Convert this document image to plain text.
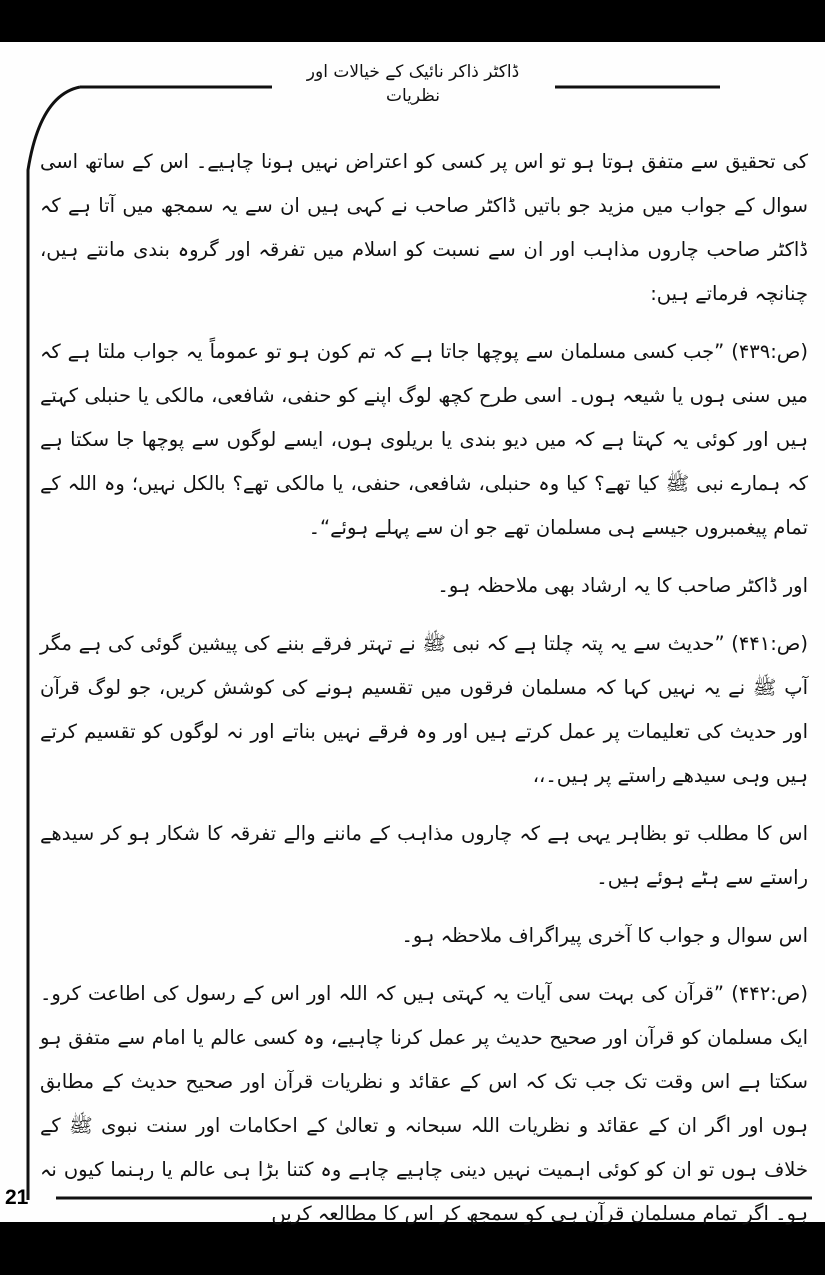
ڈاکٹر ذاکر نائیک کے خیالات اور نظریات

کی تحقیق سے متفق ہوتا ہو تو اس پر کسی کو اعتراض نہیں ہونا چاہیے۔ اس کے ساتھ اسی سوال کے جواب میں مزید جو باتیں ڈاکٹر صاحب نے کہی ہیں ان سے یہ سمجھ میں آتا ہے کہ ڈاکٹر صاحب چاروں مذاہب اور ان سے نسبت کو اسلام میں تفرقہ اور گروہ بندی مانتے ہیں، چنانچہ فرماتے ہیں:

(ص:۴۳۹) ”جب کسی مسلمان سے پوچھا جاتا ہے کہ تم کون ہو تو عموماً یہ جواب ملتا ہے کہ میں سنی ہوں یا شیعہ ہوں۔ اسی طرح کچھ لوگ اپنے کو حنفی، شافعی، مالکی یا حنبلی کہتے ہیں اور کوئی یہ کہتا ہے کہ میں دیو بندی یا بریلوی ہوں، ایسے لوگوں سے پوچھا جا سکتا ہے کہ ہمارے نبی ﷺ کیا تھے؟ کیا وہ حنبلی، شافعی، حنفی، یا مالکی تھے؟ بالکل نہیں؛ وہ اللہ کے تمام پیغمبروں جیسے ہی مسلمان تھے جو ان سے پہلے ہوئے“۔

اور ڈاکٹر صاحب کا یہ ارشاد بھی ملاحظہ ہو۔

(ص:۴۴۱) ”حدیث سے یہ پتہ چلتا ہے کہ نبی ﷺ نے تہتر فرقے بننے کی پیشین گوئی کی ہے مگر آپ ﷺ نے یہ نہیں کہا کہ مسلمان فرقوں میں تقسیم ہونے کی کوشش کریں، جو لوگ قرآن اور حدیث کی تعلیمات پر عمل کرتے ہیں اور وہ فرقے نہیں بناتے اور نہ لوگوں کو تقسیم کرتے ہیں وہی سیدھے راستے پر ہیں۔،،

اس کا مطلب تو بظاہر یہی ہے کہ چاروں مذاہب کے ماننے والے تفرقہ کا شکار ہو کر سیدھے راستے سے ہٹے ہوئے ہیں۔

اس سوال و جواب کا آخری پیراگراف ملاحظہ ہو۔

(ص:۴۴۲) ”قرآن کی بہت سی آیات یہ کہتی ہیں کہ اللہ اور اس کے رسول کی اطاعت کرو۔ ایک مسلمان کو قرآن اور صحیح حدیث پر عمل کرنا چاہیے، وہ کسی عالم یا امام سے متفق ہو سکتا ہے اس وقت تک جب تک کہ اس کے عقائد و نظریات قرآن اور صحیح حدیث کے مطابق ہوں اور اگر ان کے عقائد و نظریات اللہ سبحانہ و تعالیٰ کے احکامات اور سنت نبوی ﷺ کے خلاف ہوں تو ان کو کوئی اہمیت نہیں دینی چاہیے چاہے وہ کتنا بڑا ہی عالم یا رہنما کیوں نہ ہو۔ اگر تمام مسلمان قرآن ہی کو سمجھ کر اس کا مطالعہ کریں

21
